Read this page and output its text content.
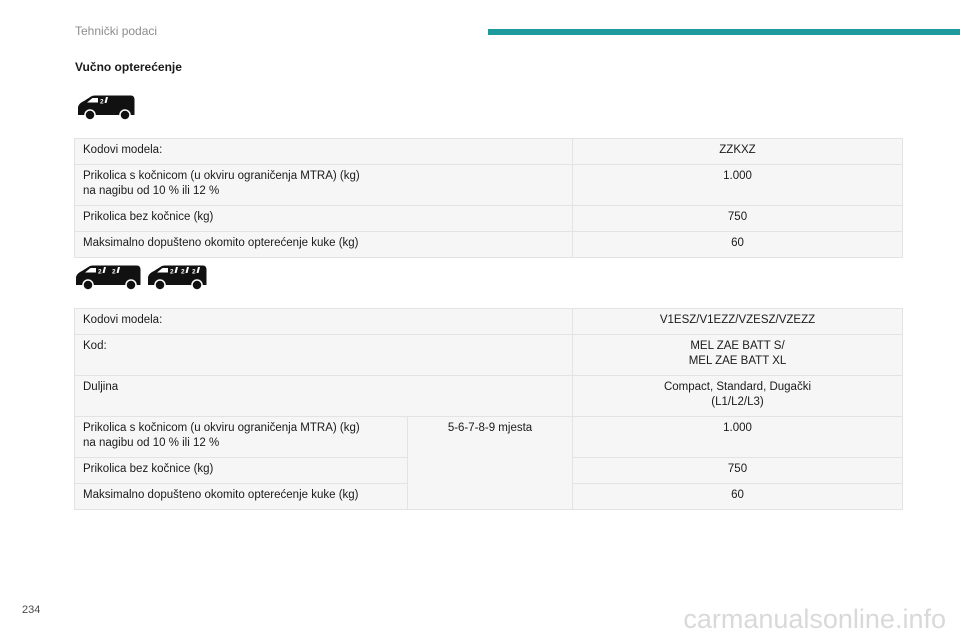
Tehnički podaci
Vučno opterećenje
2
Kodovi modela:	ZZKXZ
Prikolica s kočnicom (u okviru ograničenja MTRA) (kg)
na nagibu od 10 % ili 12 %	1.000
Prikolica bez kočnice (kg)	750
Maksimalno dopušteno okomito opterećenje kuke (kg)	60
2 2	2 2 2
Kodovi modela:		V1ESZ/V1EZZ/VZESZ/VZEZZ
Kod:		MEL ZAE BATT S/
MEL ZAE BATT XL
Duljina		Compact, Standard, Dugački
(L1/L2/L3)
Prikolica s kočnicom (u okviru ograničenja MTRA) (kg)
na nagibu od 10 % ili 12 %	5-6-7-8-9 mjesta	1.000
Prikolica bez kočnice (kg)		750
Maksimalno dopušteno okomito opterećenje kuke (kg)		60
234	carmanualsonline.info
